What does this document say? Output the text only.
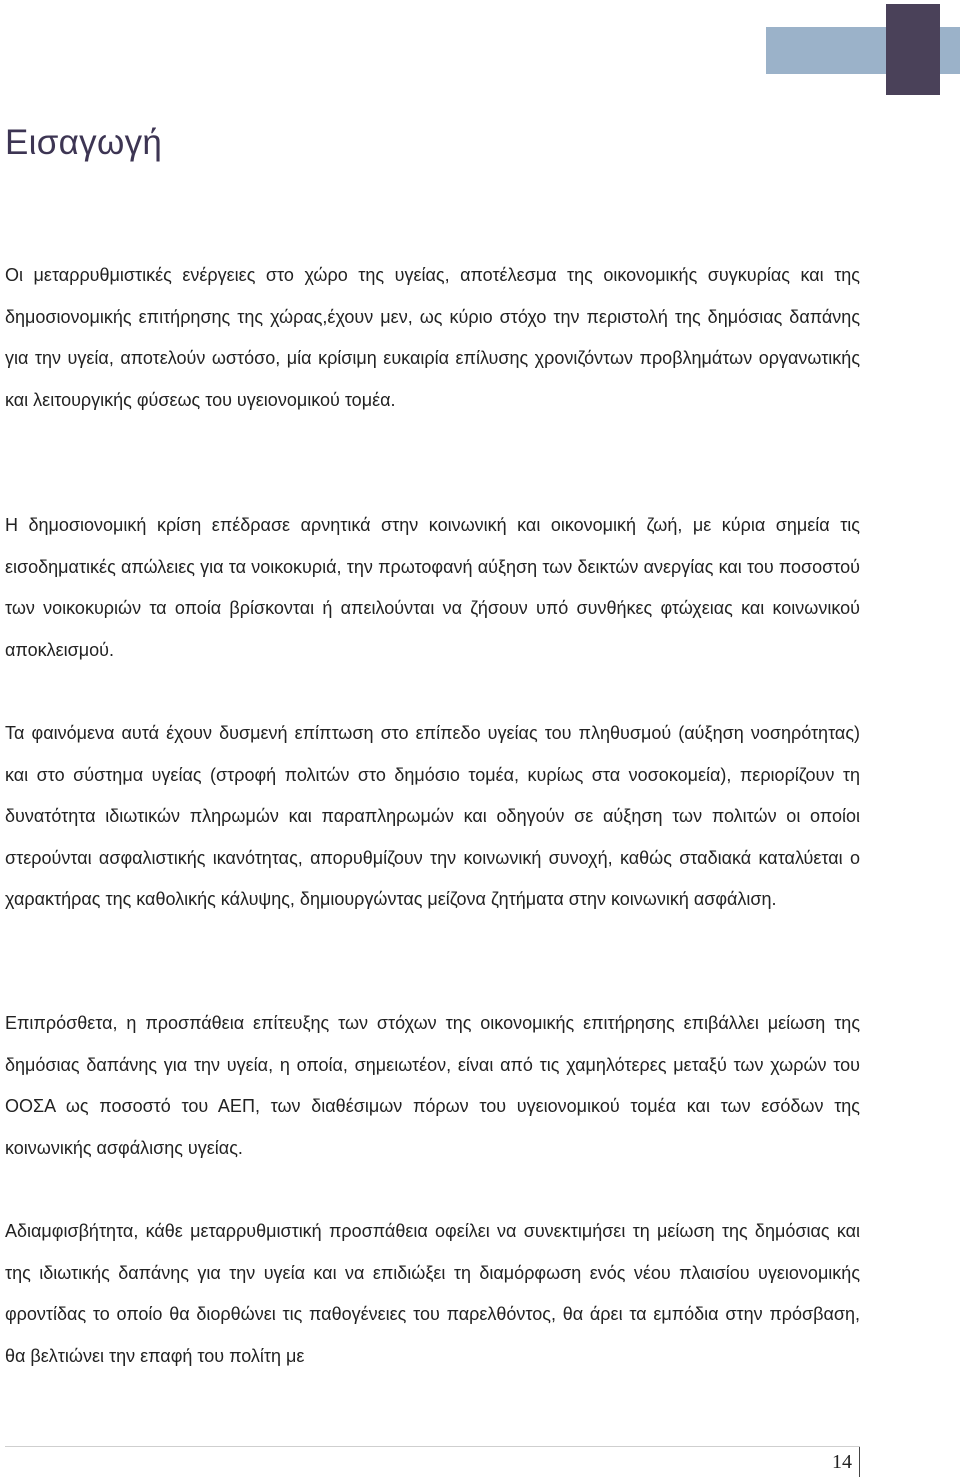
Εισαγωγή

Οι μεταρρυθμιστικές ενέργειες στο χώρο της υγείας, αποτέλεσμα της οικονομικής συγκυρίας και της δημοσιονομικής επιτήρησης της χώρας,έχουν μεν, ως κύριο στόχο την περιστολή της δημόσιας δαπάνης για την υγεία, αποτελούν ωστόσο, μία κρίσιμη ευκαιρία επίλυσης χρονιζόντων προβλημάτων οργανωτικής και λειτουργικής φύσεως του υγειονομικού τομέα.

Η δημοσιονομική κρίση επέδρασε αρνητικά στην κοινωνική και οικονομική ζωή, με κύρια σημεία τις εισοδηματικές απώλειες για τα νοικοκυριά, την πρωτοφανή αύξηση των δεικτών ανεργίας και του ποσοστού των νοικοκυριών τα οποία βρίσκονται ή απειλούνται να ζήσουν υπό συνθήκες φτώχειας και κοινωνικού αποκλεισμού.

Τα φαινόμενα αυτά έχουν δυσμενή επίπτωση στο επίπεδο υγείας του πληθυσμού (αύξηση νοσηρότητας) και στο σύστημα υγείας (στροφή πολιτών στο δημόσιο τομέα, κυρίως στα νοσοκομεία), περιορίζουν τη δυνατότητα ιδιωτικών πληρωμών και παραπληρωμών και οδηγούν σε αύξηση των πολιτών οι οποίοι στερούνται ασφαλιστικής ικανότητας, απορυθμίζουν την κοινωνική συνοχή, καθώς σταδιακά καταλύεται ο χαρακτήρας της καθολικής κάλυψης, δημιουργώντας μείζονα ζητήματα στην κοινωνική ασφάλιση.

Επιπρόσθετα, η προσπάθεια επίτευξης των στόχων της οικονομικής επιτήρησης επιβάλλει μείωση της δημόσιας δαπάνης για την υγεία, η οποία, σημειωτέον, είναι από τις χαμηλότερες μεταξύ των χωρών του ΟΟΣΑ ως ποσοστό του ΑΕΠ, των διαθέσιμων πόρων του υγειονομικού τομέα και των εσόδων της κοινωνικής ασφάλισης υγείας.

Αδιαμφισβήτητα, κάθε μεταρρυθμιστική προσπάθεια οφείλει να συνεκτιμήσει τη μείωση της δημόσιας και της ιδιωτικής δαπάνης για την υγεία και να επιδιώξει τη διαμόρφωση ενός νέου πλαισίου υγειονομικής φροντίδας το οποίο θα διορθώνει τις παθογένειες του παρελθόντος, θα άρει τα εμπόδια στην πρόσβαση, θα βελτιώνει την επαφή του πολίτη με

14
